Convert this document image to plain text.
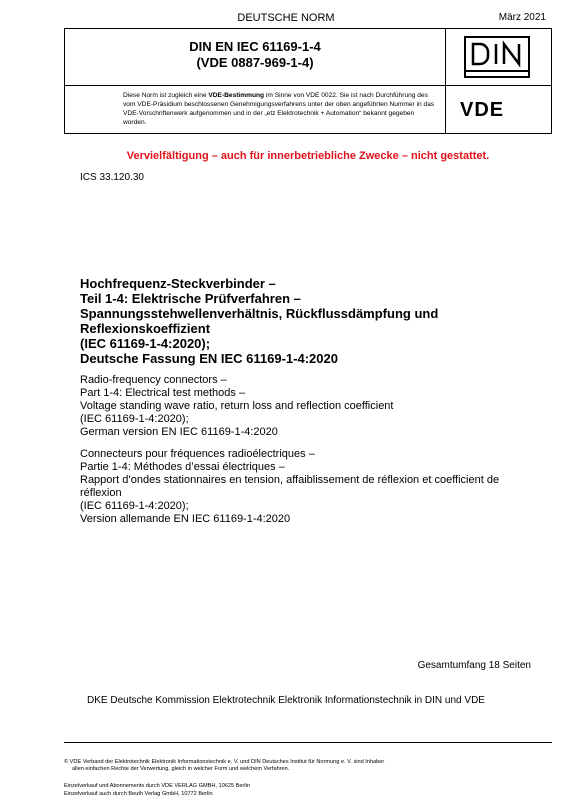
DEUTSCHE NORM	März 2021
DIN EN IEC 61169-1-4
(VDE 0887-969-1-4)
Diese Norm ist zugleich eine VDE-Bestimmung im Sinne von VDE 0022. Sie ist nach Durchführung des vom VDE-Präsidium beschlossenen Genehmigungsverfahrens unter der oben angeführten Nummer in das VDE-Vorschriftenwerk aufgenommen und in der „etz Elektrotechnik + Automation“ bekannt gegeben worden.
VDE
Vervielfältigung – auch für innerbetriebliche Zwecke – nicht gestattet.
ICS 33.120.30
Hochfrequenz-Steckverbinder –
Teil 1-4: Elektrische Prüfverfahren –
Spannungsstehwellenverhältnis, Rückflussdämpfung und
Reflexionskoeffizient
(IEC 61169-1-4:2020);
Deutsche Fassung EN IEC 61169-1-4:2020
Radio-frequency connectors –
Part 1-4: Electrical test methods –
Voltage standing wave ratio, return loss and reflection coefficient
(IEC 61169-1-4:2020);
German version EN IEC 61169-1-4:2020
Connecteurs pour fréquences radioélectriques –
Partie 1-4: Méthodes d’essai électriques –
Rapport d’ondes stationnaires en tension, affaiblissement de réflexion et coefficient de
réflexion
(IEC 61169-1-4:2020);
Version allemande EN IEC 61169-1-4:2020
Gesamtumfang 18 Seiten
DKE Deutsche Kommission Elektrotechnik Elektronik Informationstechnik in DIN und VDE
© VDE Verband der Elektrotechnik Elektronik Informationstechnik e. V. und DIN Deutsches Institut für Normung e. V. sind Inhaber
allen einfachen Rechte der Verwertung, gleich in welcher Form und welchem Verfahren.
Einzelverkauf und Abonnements durch VDE VERLAG GMBH, 10625 Berlin
Einzelverkauf auch durch Beuth Verlag GmbH, 10772 Berlin
